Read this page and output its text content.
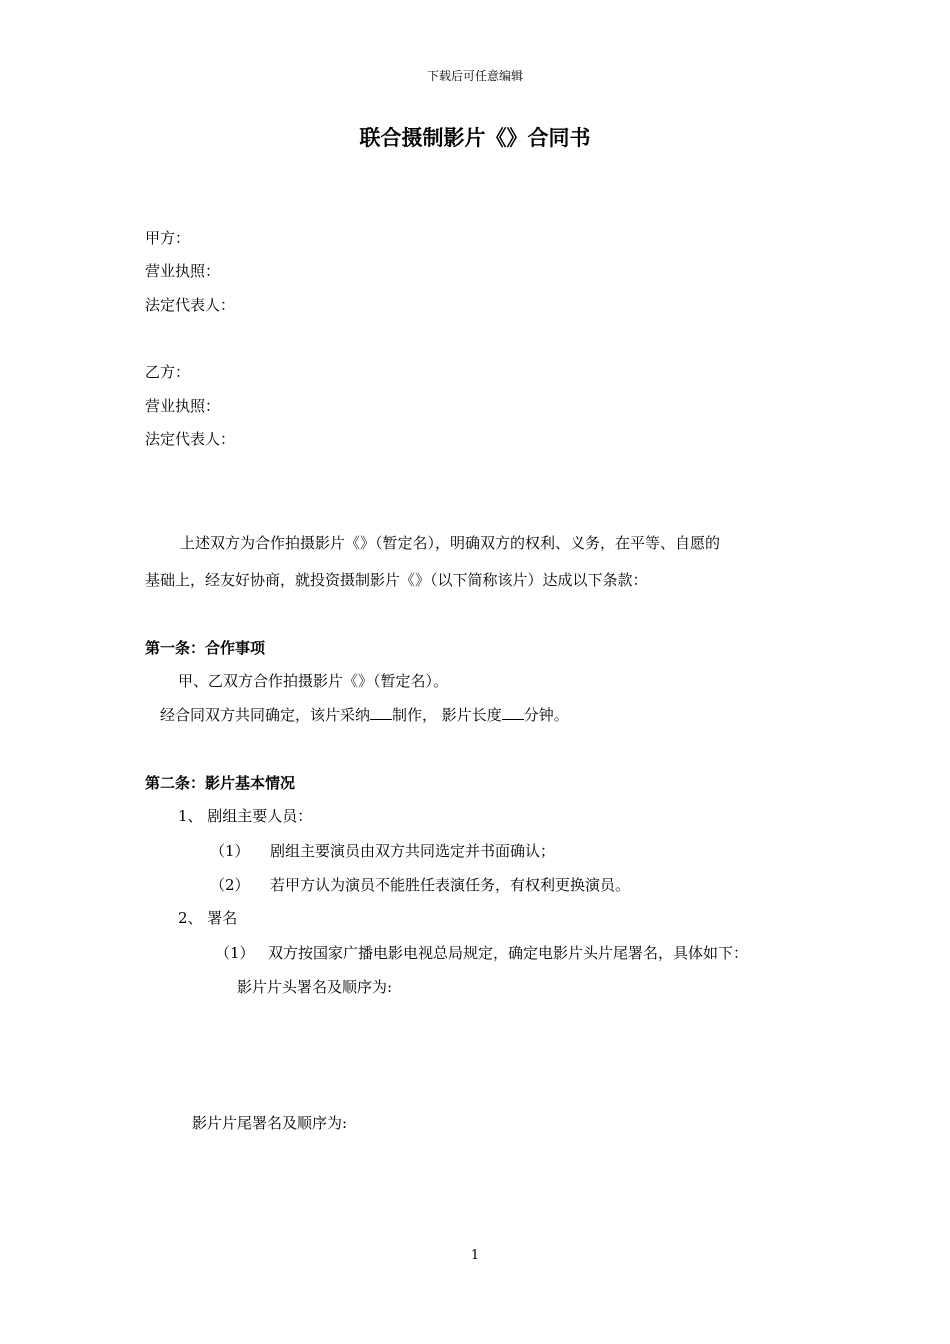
下载后可任意编辑
联合摄制影片《》合同书
甲方：
营业执照：
法定代表人：
乙方：
营业执照：
法定代表人：
上述双方为合作拍摄影片《》（暂定名），明确双方的权利、义务，在平等、自愿的
基础上，经友好协商，就投资摄制影片《》（以下简称该片）达成以下条款：
第一条：合作事项
甲、乙双方合作拍摄影片《》（暂定名）。
经合同双方共同确定，该片采纳 制作， 影片长度 分钟。
第二条：影片基本情况
1、 剧组主要人员：
（1） 剧组主要演员由双方共同选定并书面确认；
（2） 若甲方认为演员不能胜任表演任务，有权利更换演员。
2、 署名
（1） 双方按国家广播电影电视总局规定，确定电影片头片尾署名，具体如下：
影片片头署名及顺序为:
影片片尾署名及顺序为:
1
